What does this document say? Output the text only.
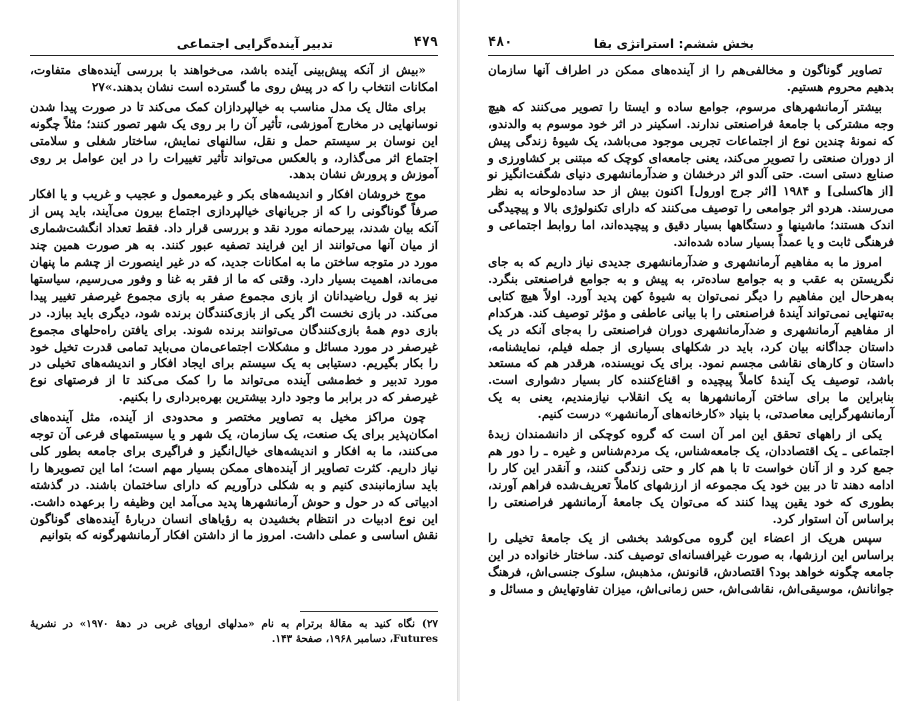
۴۷۹
تدبیر آینده‌گرایی اجتماعی

«بیش از آنکه پیش‌بینی آینده باشد، می‌خواهند با بررسی آینده‌های متفاوت، امکانات انتخاب را که در پیش روی ما گسترده است نشان بدهند.»۲۷

برای مثال یک مدل مناسب به خیالپردازان کمک می‌کند تا در صورت پیدا شدن نوسانهایی در مخارج آموزشی، تأثیر آن را بر روی یک شهر تصور کنند؛ مثلاً چگونه این نوسان بر سیستم حمل و نقل، سالنهای نمایش، ساختار شغلی و سلامتی اجتماع اثر می‌گذارد، و بالعکس می‌تواند تأثیر تغییرات را در این عوامل بر روی آموزش و پرورش نشان بدهد.

موج خروشان افکار و اندیشه‌های بکر و غیرمعمول و عجیب و غریب و یا افکار صرفاً گوناگونی را که از جریانهای خیالپردازی اجتماع بیرون می‌آیند، باید پس از آنکه بیان شدند، بیرحمانه مورد نقد و بررسی قرار داد. فقط تعداد انگشت‌شماری از میان آنها می‌توانند از این فرایند تصفیه عبور کنند. به هر صورت همین چند مورد در متوجه ساختن ما به امکانات جدید، که در غیر اینصورت از چشم ما پنهان می‌ماند، اهمیت بسیار دارد. وقتی که ما از فقر به غنا و وفور می‌رسیم، سیاستها نیز به قول ریاضیدانان از بازی مجموع صفر به بازی مجموع غیرصفر تغییر پیدا می‌کند. در بازی نخست اگر یکی از بازی‌کنندگان برنده شود، دیگری باید ببازد. در بازی دوم همهٔ بازی‌کنندگان می‌توانند برنده شوند. برای یافتن راه‌حلهای مجموع غیرصفر در مورد مسائل و مشکلات اجتماعی‌مان می‌باید تمامی قدرت تخیل خود را بکار بگیریم. دستیابی به یک سیستم برای ایجاد افکار و اندیشه‌های تخیلی در مورد تدبیر و خط‌مشی آینده می‌تواند ما را کمک می‌کند تا از فرصتهای نوع غیرصفر که در برابر ما وجود دارد بیشترین بهره‌برداری را بکنیم.

چون مراکز مخیل به تصاویر مختصر و محدودی از آینده، مثل آینده‌های امکان‌پذیر برای یک صنعت، یک سازمان، یک شهر و یا سیستمهای فرعی آن توجه می‌کنند، ما به افکار و اندیشه‌های خیال‌انگیز و فراگیری برای جامعه بطور کلی نیاز داریم. کثرت تصاویر از آینده‌های ممکن بسیار مهم است؛ اما این تصویرها را باید سازمانبندی کنیم و به شکلی درآوریم که دارای ساختمان باشند. در گذشته ادبیاتی که در حول و حوش آرمانشهرها پدید می‌آمد این وظیفه را برعهده داشت. این نوع ادبیات در انتظام بخشیدن به رؤیاهای انسان دربارهٔ آینده‌های گوناگون نقش اساسی و عملی داشت. امروز ما از داشتن افکار آرمانشهرگونه که بتوانیم

۲۷) نگاه کنید به مقالهٔ برترام به نام «مدلهای اروپای غربی در دههٔ ۱۹۷۰» در نشریهٔ Futures، دسامبر ۱۹۶۸، صفحهٔ ۱۴۳.
۴۸۰	بخش ششم: استراتژی بقا

تصاویر گوناگون و مخالفی‌هم را از آینده‌های ممکن در اطراف آنها سازمان بدهیم محروم هستیم.

بیشتر آرمانشهرهای مرسوم، جوامع ساده و ایستا را تصویر می‌کنند که هیچ وجه مشترکی با جامعهٔ فراصنعتی ندارند. اسکینر در اثر خود موسوم به والدندو، که نمونهٔ چندین نوع از اجتماعات تجربی موجود می‌باشد، یک شیوهٔ زندگی پیش از دوران صنعتی را تصویر می‌کند، یعنی جامعه‌ای کوچک که مبتنی بر کشاورزی و صنایع دستی است. حتی آلدو اثر درخشان و ضدآرمانشهری دنیای شگفت‌انگیز نو [از هاکسلی] و ۱۹۸۴ [اثر جرج اورول] اکنون بیش از حد ساده‌لوحانه به نظر می‌رسند. هردو اثر جوامعی را توصیف می‌کنند که دارای تکنولوژی بالا و پیچیدگی اندک هستند؛ ماشینها و دستگاهها بسیار دقیق و پیچیده‌اند، اما روابط اجتماعی و فرهنگی ثابت و یا عمداً بسیار ساده شده‌اند.

امروز ما به مفاهیم آرمانشهری و ضدآرمانشهری جدیدی نیاز داریم که به جای نگریستن به عقب و به جوامع ساده‌تر، به پیش و به جوامع فراصنعتی بنگرد. به‌هرحال این مفاهیم را دیگر نمی‌توان به شیوهٔ کهن پدید آورد. اولاً هیچ کتابی به‌تنهایی نمی‌تواند آیندهٔ فراصنعتی را با بیانی عاطفی و مؤثر توصیف کند. هرکدام از مفاهیم آرمانشهری و ضدآرمانشهری دوران فراصنعتی را به‌جای آنکه در یک داستان جداگانه بیان کرد، باید در شکلهای بسیاری از جمله فیلم، نمایشنامه، داستان و کارهای نقاشی مجسم نمود. برای یک نویسنده، هرقدر هم که مستعد باشد، توصیف یک آیندهٔ کاملاً پیچیده و اقناع‌کننده کار بسیار دشواری است. بنابراین ما برای ساختن آرمانشهرها به یک انقلاب نیازمندیم، یعنی به یک آرمانشهرگرایی معاصدتی، با بنیاد «کارخانه‌های آرمانشهر» درست کنیم.

یکی از راههای تحقق این امر آن است که گروه کوچکی از دانشمندان زبدهٔ اجتماعی ـ یک اقتصاددان، یک جامعه‌شناس، یک مردم‌شناس و غیره ـ را دور هم جمع کرد و از آنان خواست تا با هم کار و حتی زندگی کنند، و آنقدر این کار را ادامه دهند تا در بین خود یک مجموعه از ارزشهای کاملاً تعریف‌شده فراهم آورند، بطوری که خود یقین پیدا کنند که می‌توان یک جامعهٔ آرمانشهر فراصنعتی را براساس آن استوار کرد.

سپس هریک از اعضاء این گروه می‌کوشد بخشی از یک جامعهٔ تخیلی را براساس این ارزشها، به صورت غیرافسانه‌ای توصیف کند. ساختار خانواده در این جامعه چگونه خواهد بود؟ اقتصادش، قانونش، مذهبش، سلوک جنسی‌اش، فرهنگ جوانانش، موسیقی‌اش، نقاشی‌اش، حس زمانی‌اش، میزان تفاوتهایش و مسائل و
